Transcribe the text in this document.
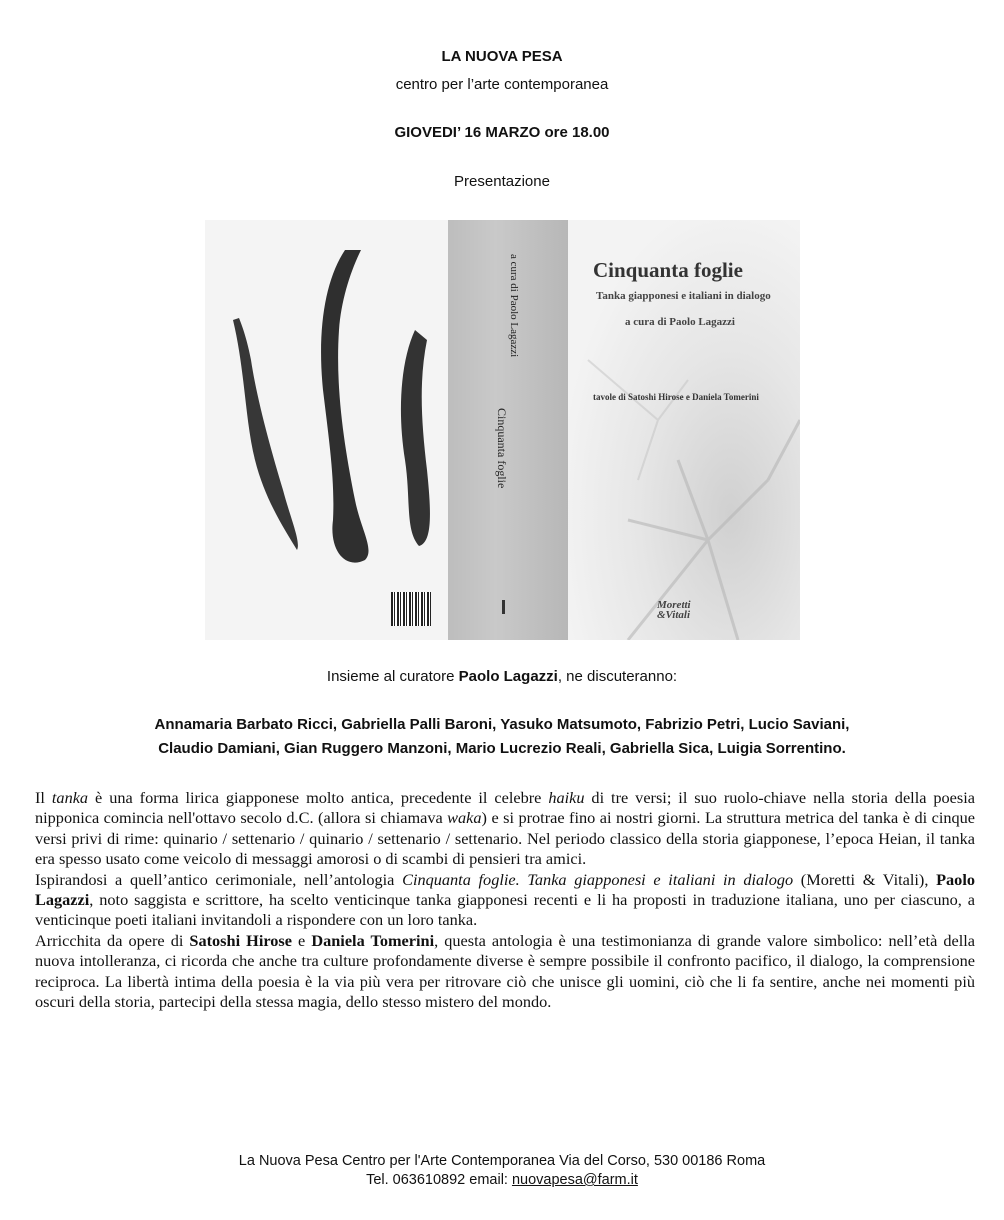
LA NUOVA PESA
centro per l’arte contemporanea
GIOVEDI’ 16 MARZO ore 18.00
Presentazione
a cura di Paolo Lagazzi
Cinquanta foglie
Cinquanta foglie
Tanka giapponesi e italiani in dialogo
a cura di Paolo Lagazzi
tavole di Satoshi Hirose e Daniela Tomerini
Moretti
&Vitali
Insieme al curatore Paolo Lagazzi, ne discuteranno:
Annamaria Barbato Ricci, Gabriella Palli Baroni, Yasuko Matsumoto, Fabrizio Petri, Lucio Saviani,
Claudio Damiani, Gian Ruggero Manzoni, Mario Lucrezio Reali, Gabriella Sica, Luigia Sorrentino.

Il tanka è una forma lirica giapponese molto antica, precedente il celebre haiku di tre versi; il suo ruolo-chiave nella storia della poesia nipponica comincia nell'ottavo secolo d.C. (allora si chiamava waka) e si protrae fino ai nostri giorni. La struttura metrica del tanka è di cinque versi privi di rime: quinario / settenario / quinario / settenario / settenario. Nel periodo classico della storia giapponese, l’epoca Heian, il tanka era spesso usato come veicolo di messaggi amorosi o di scambi di pensieri tra amici.

Ispirandosi a quell’antico cerimoniale, nell’antologia Cinquanta foglie. Tanka giapponesi e italiani in dialogo (Moretti & Vitali), Paolo Lagazzi, noto saggista e scrittore, ha scelto venticinque tanka giapponesi recenti e li ha proposti in traduzione italiana, uno per ciascuno, a venticinque poeti italiani invitandoli a rispondere con un loro tanka.

Arricchita da opere di Satoshi Hirose e Daniela Tomerini, questa antologia è una testimonianza di grande valore simbolico: nell’età della nuova intolleranza, ci ricorda che anche tra culture profondamente diverse è sempre possibile il confronto pacifico, il dialogo, la comprensione reciproca. La libertà intima della poesia è la via più vera per ritrovare ciò che unisce gli uomini, ciò che li fa sentire, anche nei momenti più oscuri della storia, partecipi della stessa magia, dello stesso mistero del mondo.

La Nuova Pesa Centro per l'Arte Contemporanea Via del Corso, 530 00186 Roma
Tel. 063610892 email: nuovapesa@farm.it
